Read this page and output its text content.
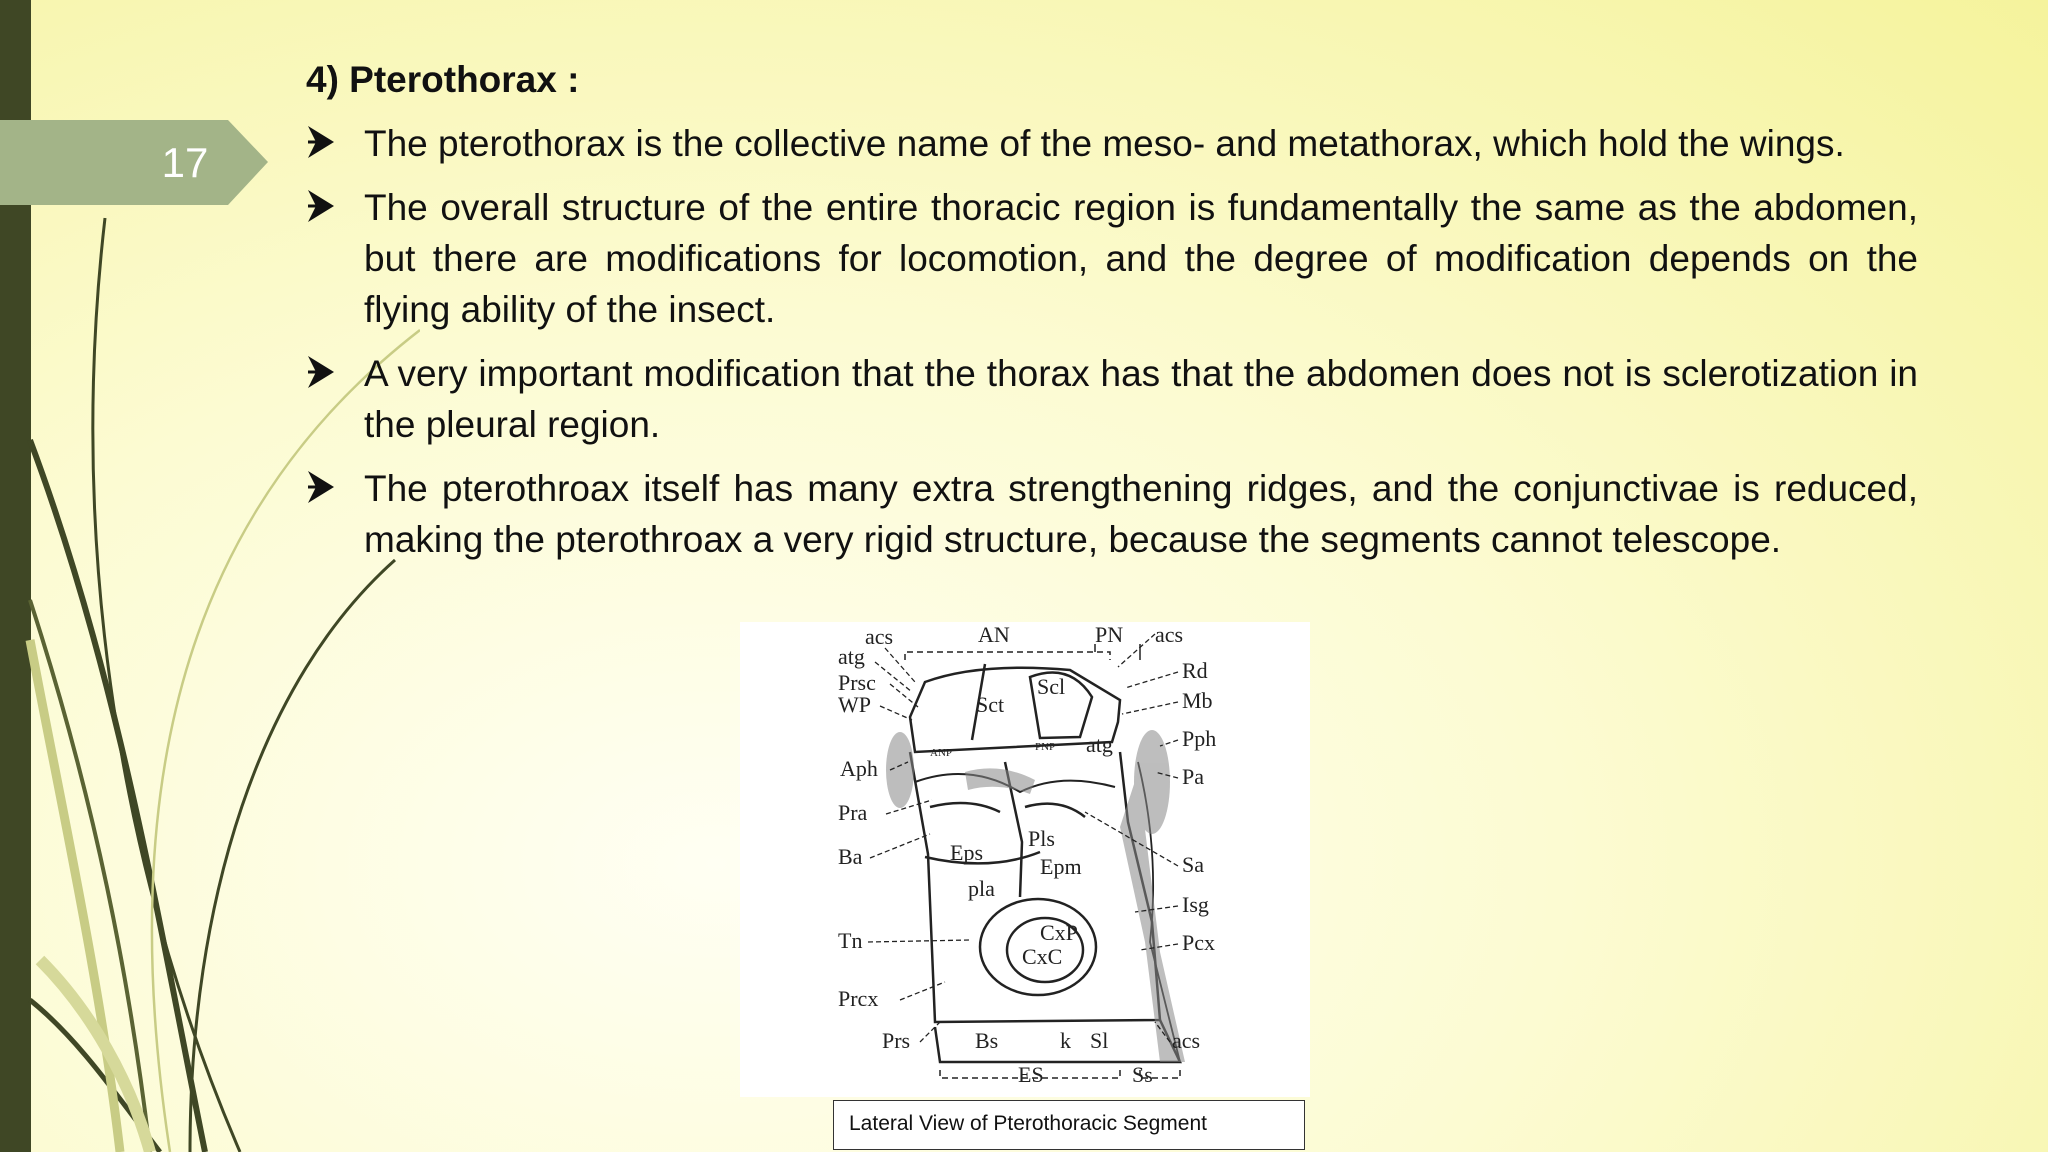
17
4) Pterothorax :
The pterothorax is the collective name of the meso- and metathorax, which hold the wings.
The overall structure of the entire thoracic region is fundamentally the same as the abdomen, but there are modifications for locomotion, and the degree of modification depends on the flying ability of the insect.
A very important modification that the thorax has that the abdomen does not is sclerotization in the pleural region.
The pterothroax itself has many extra strengthening ridges, and the conjunctivae is reduced, making the pterothroax a very rigid structure, because the segments cannot telescope.
acs	AN	PN acs
atg
Prsc
WP
Aph
Pra
Ba
Tn
Prcx
Prs	Bs	k Sl	acs
ES	Ss
Rd
Mb
Pph
Pa
Sa
Isg
Pcx
Sct
Scl
atg
Eps
Pls
Epm
pla
CxP
CxC
ANP	PNP
Lateral View of Pterothoracic Segment
